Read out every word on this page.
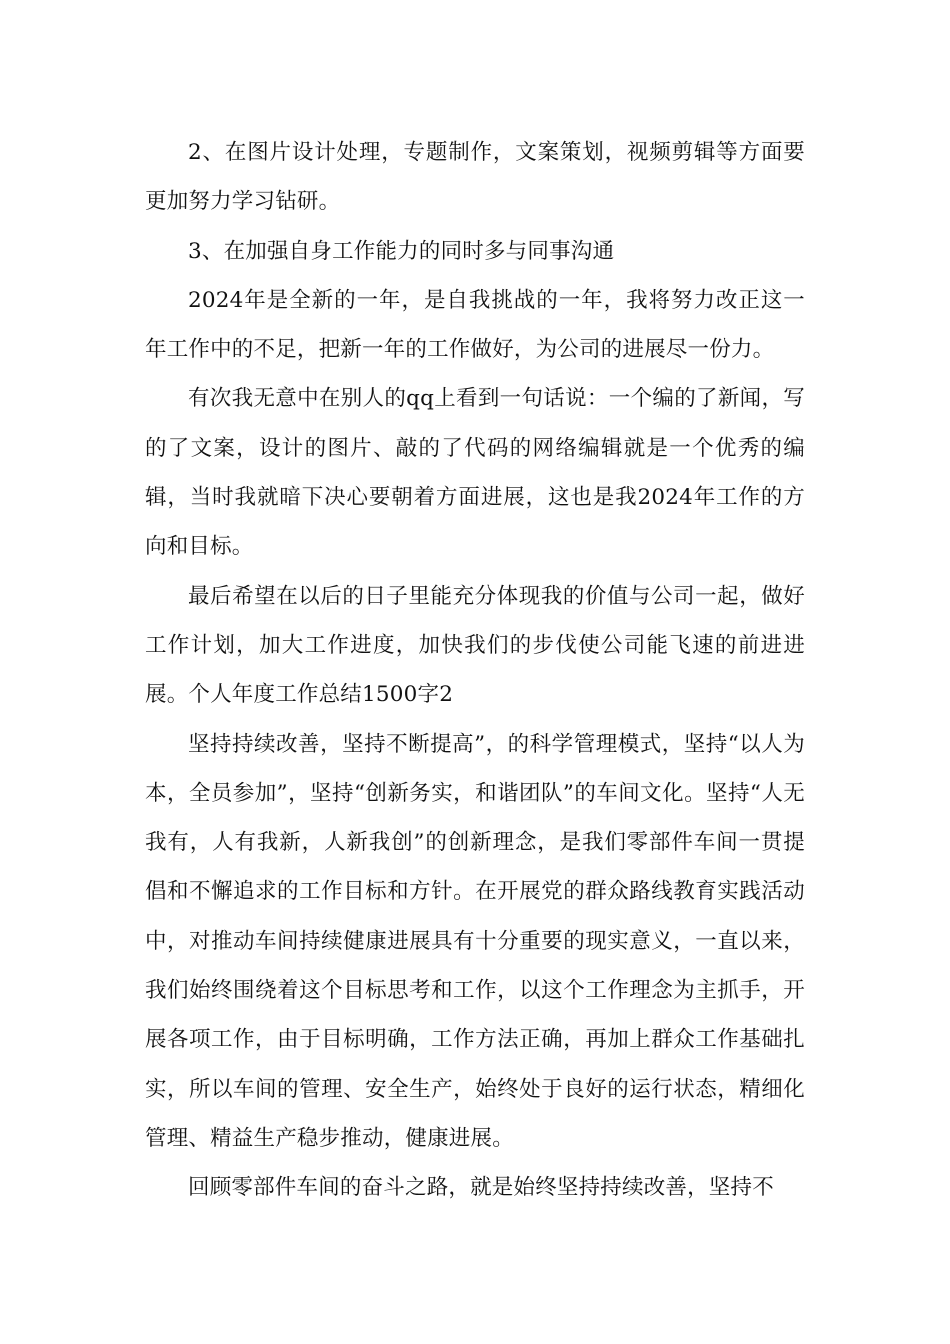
2、在图片设计处理，专题制作，文案策划，视频剪辑等方面要更加努力学习钻研。

3、在加强自身工作能力的同时多与同事沟通

2024年是全新的一年，是自我挑战的一年，我将努力改正这一年工作中的不足，把新一年的工作做好，为公司的进展尽一份力。

有次我无意中在别人的qq上看到一句话说：一个编的了新闻，写的了文案，设计的图片、敲的了代码的网络编辑就是一个优秀的编辑，当时我就暗下决心要朝着方面进展，这也是我2024年工作的方向和目标。

最后希望在以后的日子里能充分体现我的价值与公司一起，做好工作计划，加大工作进度，加快我们的步伐使公司能飞速的前进进展。个人年度工作总结1500字2

坚持持续改善，坚持不断提高”，的科学管理模式，坚持“以人为本，全员参加”，坚持“创新务实，和谐团队”的车间文化。坚持“人无我有，人有我新，人新我创”的创新理念，是我们零部件车间一贯提倡和不懈追求的工作目标和方针。在开展党的群众路线教育实践活动中，对推动车间持续健康进展具有十分重要的现实意义，一直以来，我们始终围绕着这个目标思考和工作，以这个工作理念为主抓手，开展各项工作，由于目标明确，工作方法正确，再加上群众工作基础扎实，所以车间的管理、安全生产，始终处于良好的运行状态，精细化管理、精益生产稳步推动，健康进展。

回顾零部件车间的奋斗之路，就是始终坚持持续改善，坚持不
